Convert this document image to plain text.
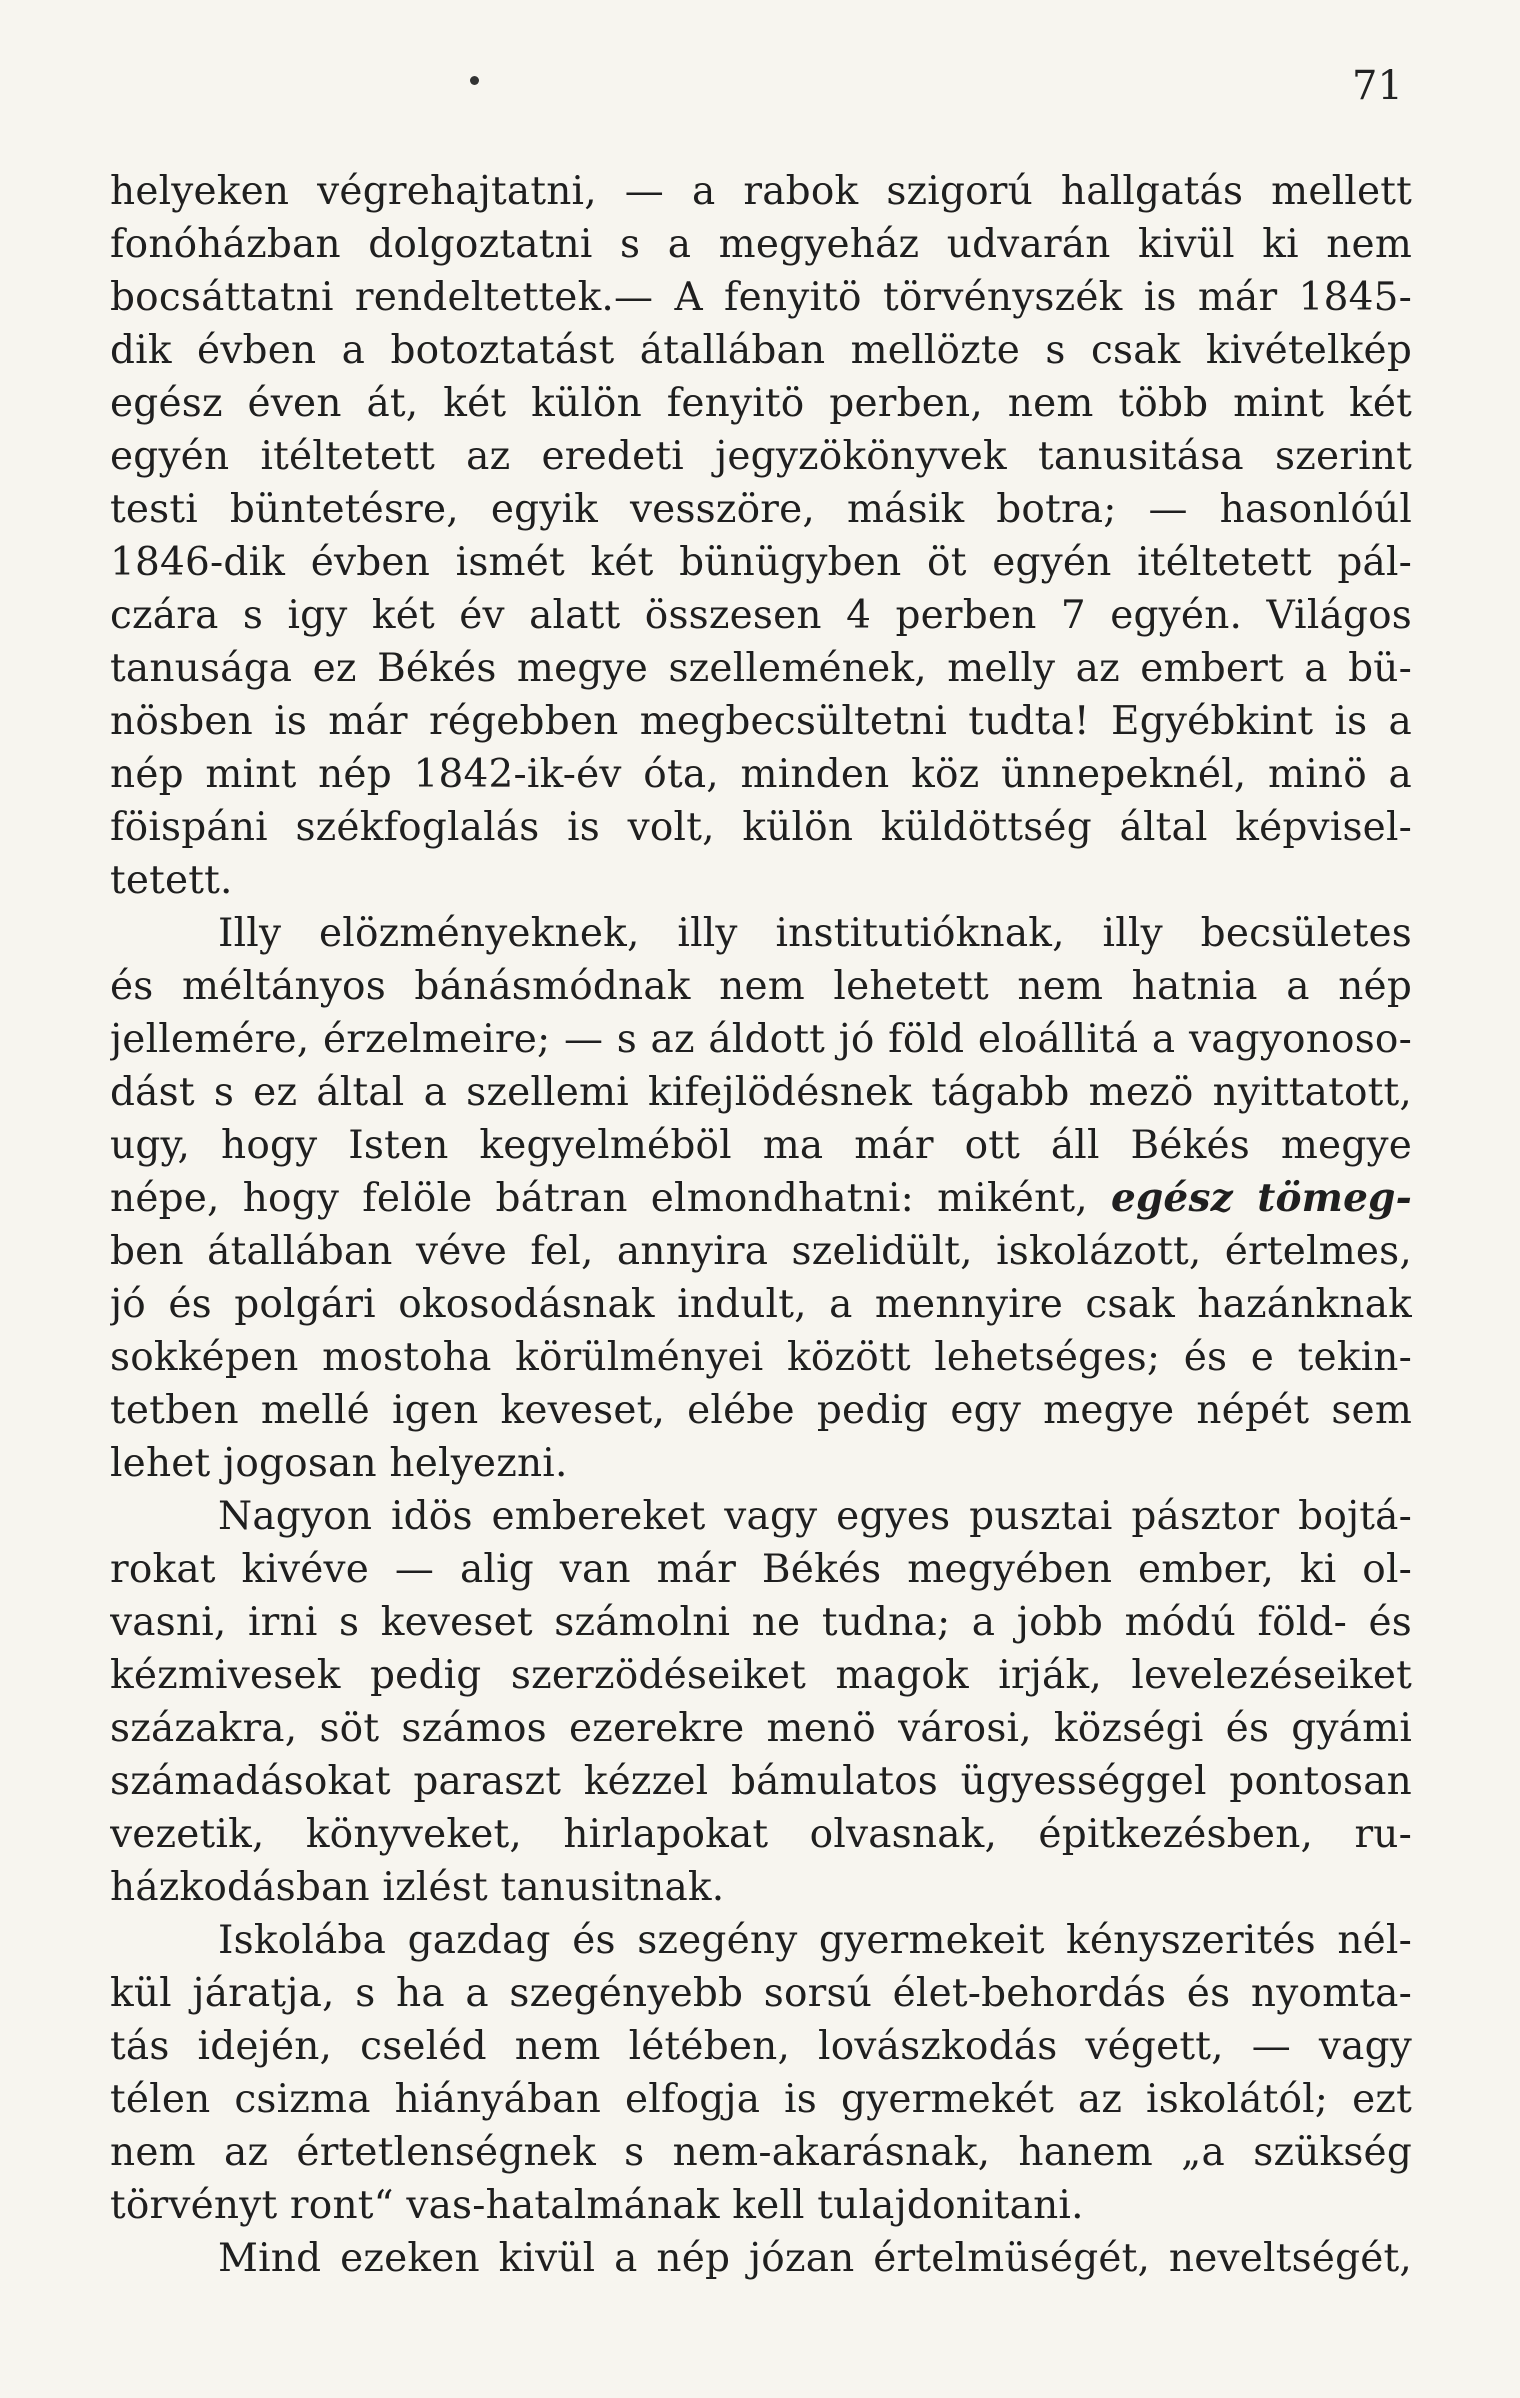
71
helyeken végrehajtatni, — a rabok szigorú hallgatás mellett
fonóházban dolgoztatni s a megyeház udvarán kivül ki nem
bocsáttatni rendeltettek.— A fenyitö törvényszék is már 1845-
dik évben a botoztatást átallában mellözte s csak kivételkép
egész éven át, két külön fenyitö perben, nem több mint két
egyén itéltetett az eredeti jegyzökönyvek tanusitása szerint
testi büntetésre, egyik vesszöre, másik botra; — hasonlóúl
1846-dik évben ismét két bünügyben öt egyén itéltetett pál-
czára s igy két év alatt összesen 4 perben 7 egyén. Világos
tanusága ez Békés megye szellemének, melly az embert a bü-
nösben is már régebben megbecsültetni tudta! Egyébkint is a
nép mint nép 1842-ik-év óta, minden köz ünnepeknél, minö a
föispáni székfoglalás is volt, külön küldöttség által képvisel-
tetett.
Illy elözményeknek, illy institutióknak, illy becsületes
és méltányos bánásmódnak nem lehetett nem hatnia a nép
jellemére, érzelmeire; — s az áldott jó föld eloállitá a vagyonoso-
dást s ez által a szellemi kifejlödésnek tágabb mezö nyittatott,
ugy, hogy Isten kegyelméböl ma már ott áll Békés megye
népe, hogy felöle bátran elmondhatni: miként, egész tömeg-
ben átallában véve fel, annyira szelidült, iskolázott, értelmes,
jó és polgári okosodásnak indult, a mennyire csak hazánknak
sokképen mostoha körülményei között lehetséges; és e tekin-
tetben mellé igen keveset, elébe pedig egy megye népét sem
lehet jogosan helyezni.
Nagyon idös embereket vagy egyes pusztai pásztor bojtá-
rokat kivéve — alig van már Békés megyében ember, ki ol-
vasni, irni s keveset számolni ne tudna; a jobb módú föld- és
kézmivesek pedig szerzödéseiket magok irják, levelezéseiket
százakra, söt számos ezerekre menö városi, községi és gyámi
számadásokat paraszt kézzel bámulatos ügyességgel pontosan
vezetik, könyveket, hirlapokat olvasnak, épitkezésben, ru-
házkodásban izlést tanusitnak.
Iskolába gazdag és szegény gyermekeit kényszerités nél-
kül járatja, s ha a szegényebb sorsú élet-behordás és nyomta-
tás idején, cseléd nem létében, lovászkodás végett, — vagy
télen csizma hiányában elfogja is gyermekét az iskolától; ezt
nem az értetlenségnek s nem-akarásnak, hanem „a szükség
törvényt ront“ vas-hatalmának kell tulajdonitani.
Mind ezeken kivül a nép józan értelmüségét, neveltségét,
